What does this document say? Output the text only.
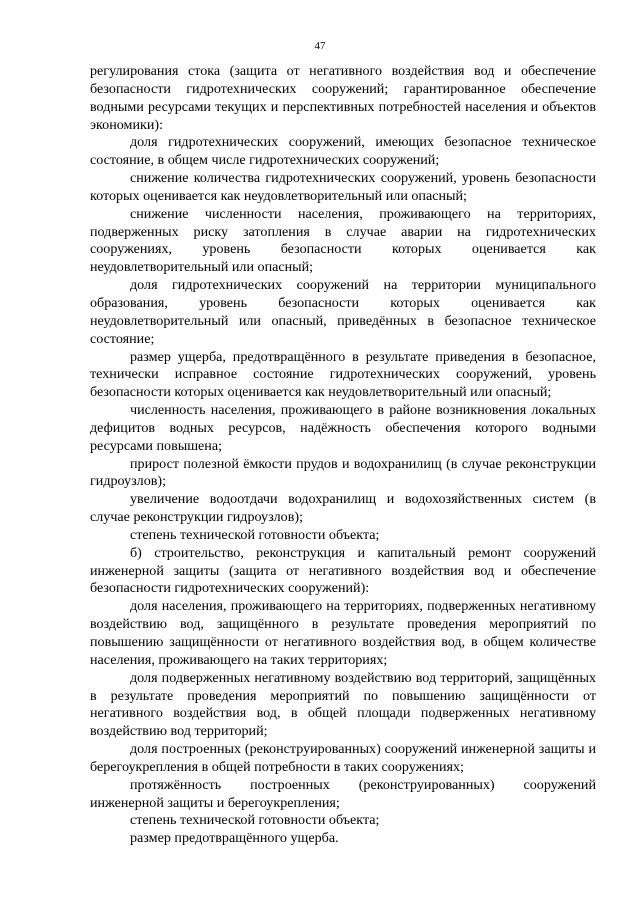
47

регулирования стока (защита от негативного воздействия вод и обеспечение безопасности гидротехнических сооружений; гарантированное обеспечение водными ресурсами текущих и перспективных потребностей населения и объектов экономики):

доля гидротехнических сооружений, имеющих безопасное техническое состояние, в общем числе гидротехнических сооружений;

снижение количества гидротехнических сооружений, уровень безопасности которых оценивается как неудовлетворительный или опасный;

снижение численности населения, проживающего на территориях, подверженных риску затопления в случае аварии на гидротехнических сооружениях, уровень безопасности которых оценивается как неудовлетворительный или опасный;

доля гидротехнических сооружений на территории муниципального образования, уровень безопасности которых оценивается как неудовлетворительный или опасный, приведённых в безопасное техническое состояние;

размер ущерба, предотвращённого в результате приведения в безопасное, технически исправное состояние гидротехнических сооружений, уровень безопасности которых оценивается как неудовлетворительный или опасный;

численность населения, проживающего в районе возникновения локальных дефицитов водных ресурсов, надёжность обеспечения которого водными ресурсами повышена;

прирост полезной ёмкости прудов и водохранилищ (в случае реконструкции гидроузлов);

увеличение водоотдачи водохранилищ и водохозяйственных систем (в случае реконструкции гидроузлов);

степень технической готовности объекта;

б) строительство, реконструкция и капитальный ремонт сооружений инженерной защиты (защита от негативного воздействия вод и обеспечение безопасности гидротехнических сооружений):

доля населения, проживающего на территориях, подверженных негативному воздействию вод, защищённого в результате проведения мероприятий по повышению защищённости от негативного воздействия вод, в общем количестве населения, проживающего на таких территориях;

доля подверженных негативному воздействию вод территорий, защищённых в результате проведения мероприятий по повышению защищённости от негативного воздействия вод, в общей площади подверженных негативному воздействию вод территорий;

доля построенных (реконструированных) сооружений инженерной защиты и берегоукрепления в общей потребности в таких сооружениях;

протяжённость построенных (реконструированных) сооружений инженерной защиты и берегоукрепления;

степень технической готовности объекта;

размер предотвращённого ущерба.
